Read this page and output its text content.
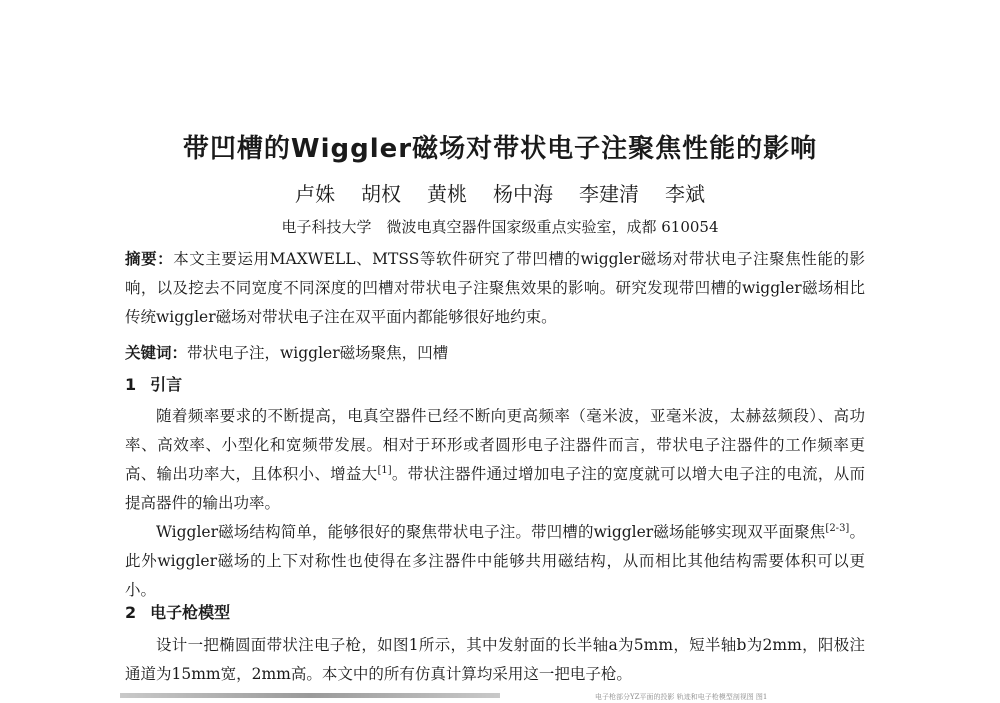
带凹槽的Wiggler磁场对带状电子注聚焦性能的影响
卢姝 胡权 黄桃 杨中海 李建清 李斌
电子科技大学　微波电真空器件国家级重点实验室，成都 610054
摘要：本文主要运用MAXWELL、MTSS等软件研究了带凹槽的wiggler磁场对带状电子注聚焦性能的影响，以及挖去不同宽度不同深度的凹槽对带状电子注聚焦效果的影响。研究发现带凹槽的wiggler磁场相比传统wiggler磁场对带状电子注在双平面内都能够很好地约束。
关键词：带状电子注，wiggler磁场聚焦，凹槽
1 引言
随着频率要求的不断提高，电真空器件已经不断向更高频率（毫米波，亚毫米波，太赫兹频段）、高功率、高效率、小型化和宽频带发展。相对于环形或者圆形电子注器件而言，带状电子注器件的工作频率更高、输出功率大，且体积小、增益大[1]。带状注器件通过增加电子注的宽度就可以增大电子注的电流，从而提高器件的输出功率。
Wiggler磁场结构简单，能够很好的聚焦带状电子注。带凹槽的wiggler磁场能够实现双平面聚焦[2-3]。此外wiggler磁场的上下对称性也使得在多注器件中能够共用磁结构，从而相比其他结构需要体积可以更小。
2 电子枪模型
设计一把椭圆面带状注电子枪，如图1所示，其中发射面的长半轴a为5mm，短半轴b为2mm，阳极注通道为15mm宽，2mm高。本文中的所有仿真计算均采用这一把电子枪。
电子枪部分YZ平面的投影 轨迹和电子枪模型剖视图 图1
